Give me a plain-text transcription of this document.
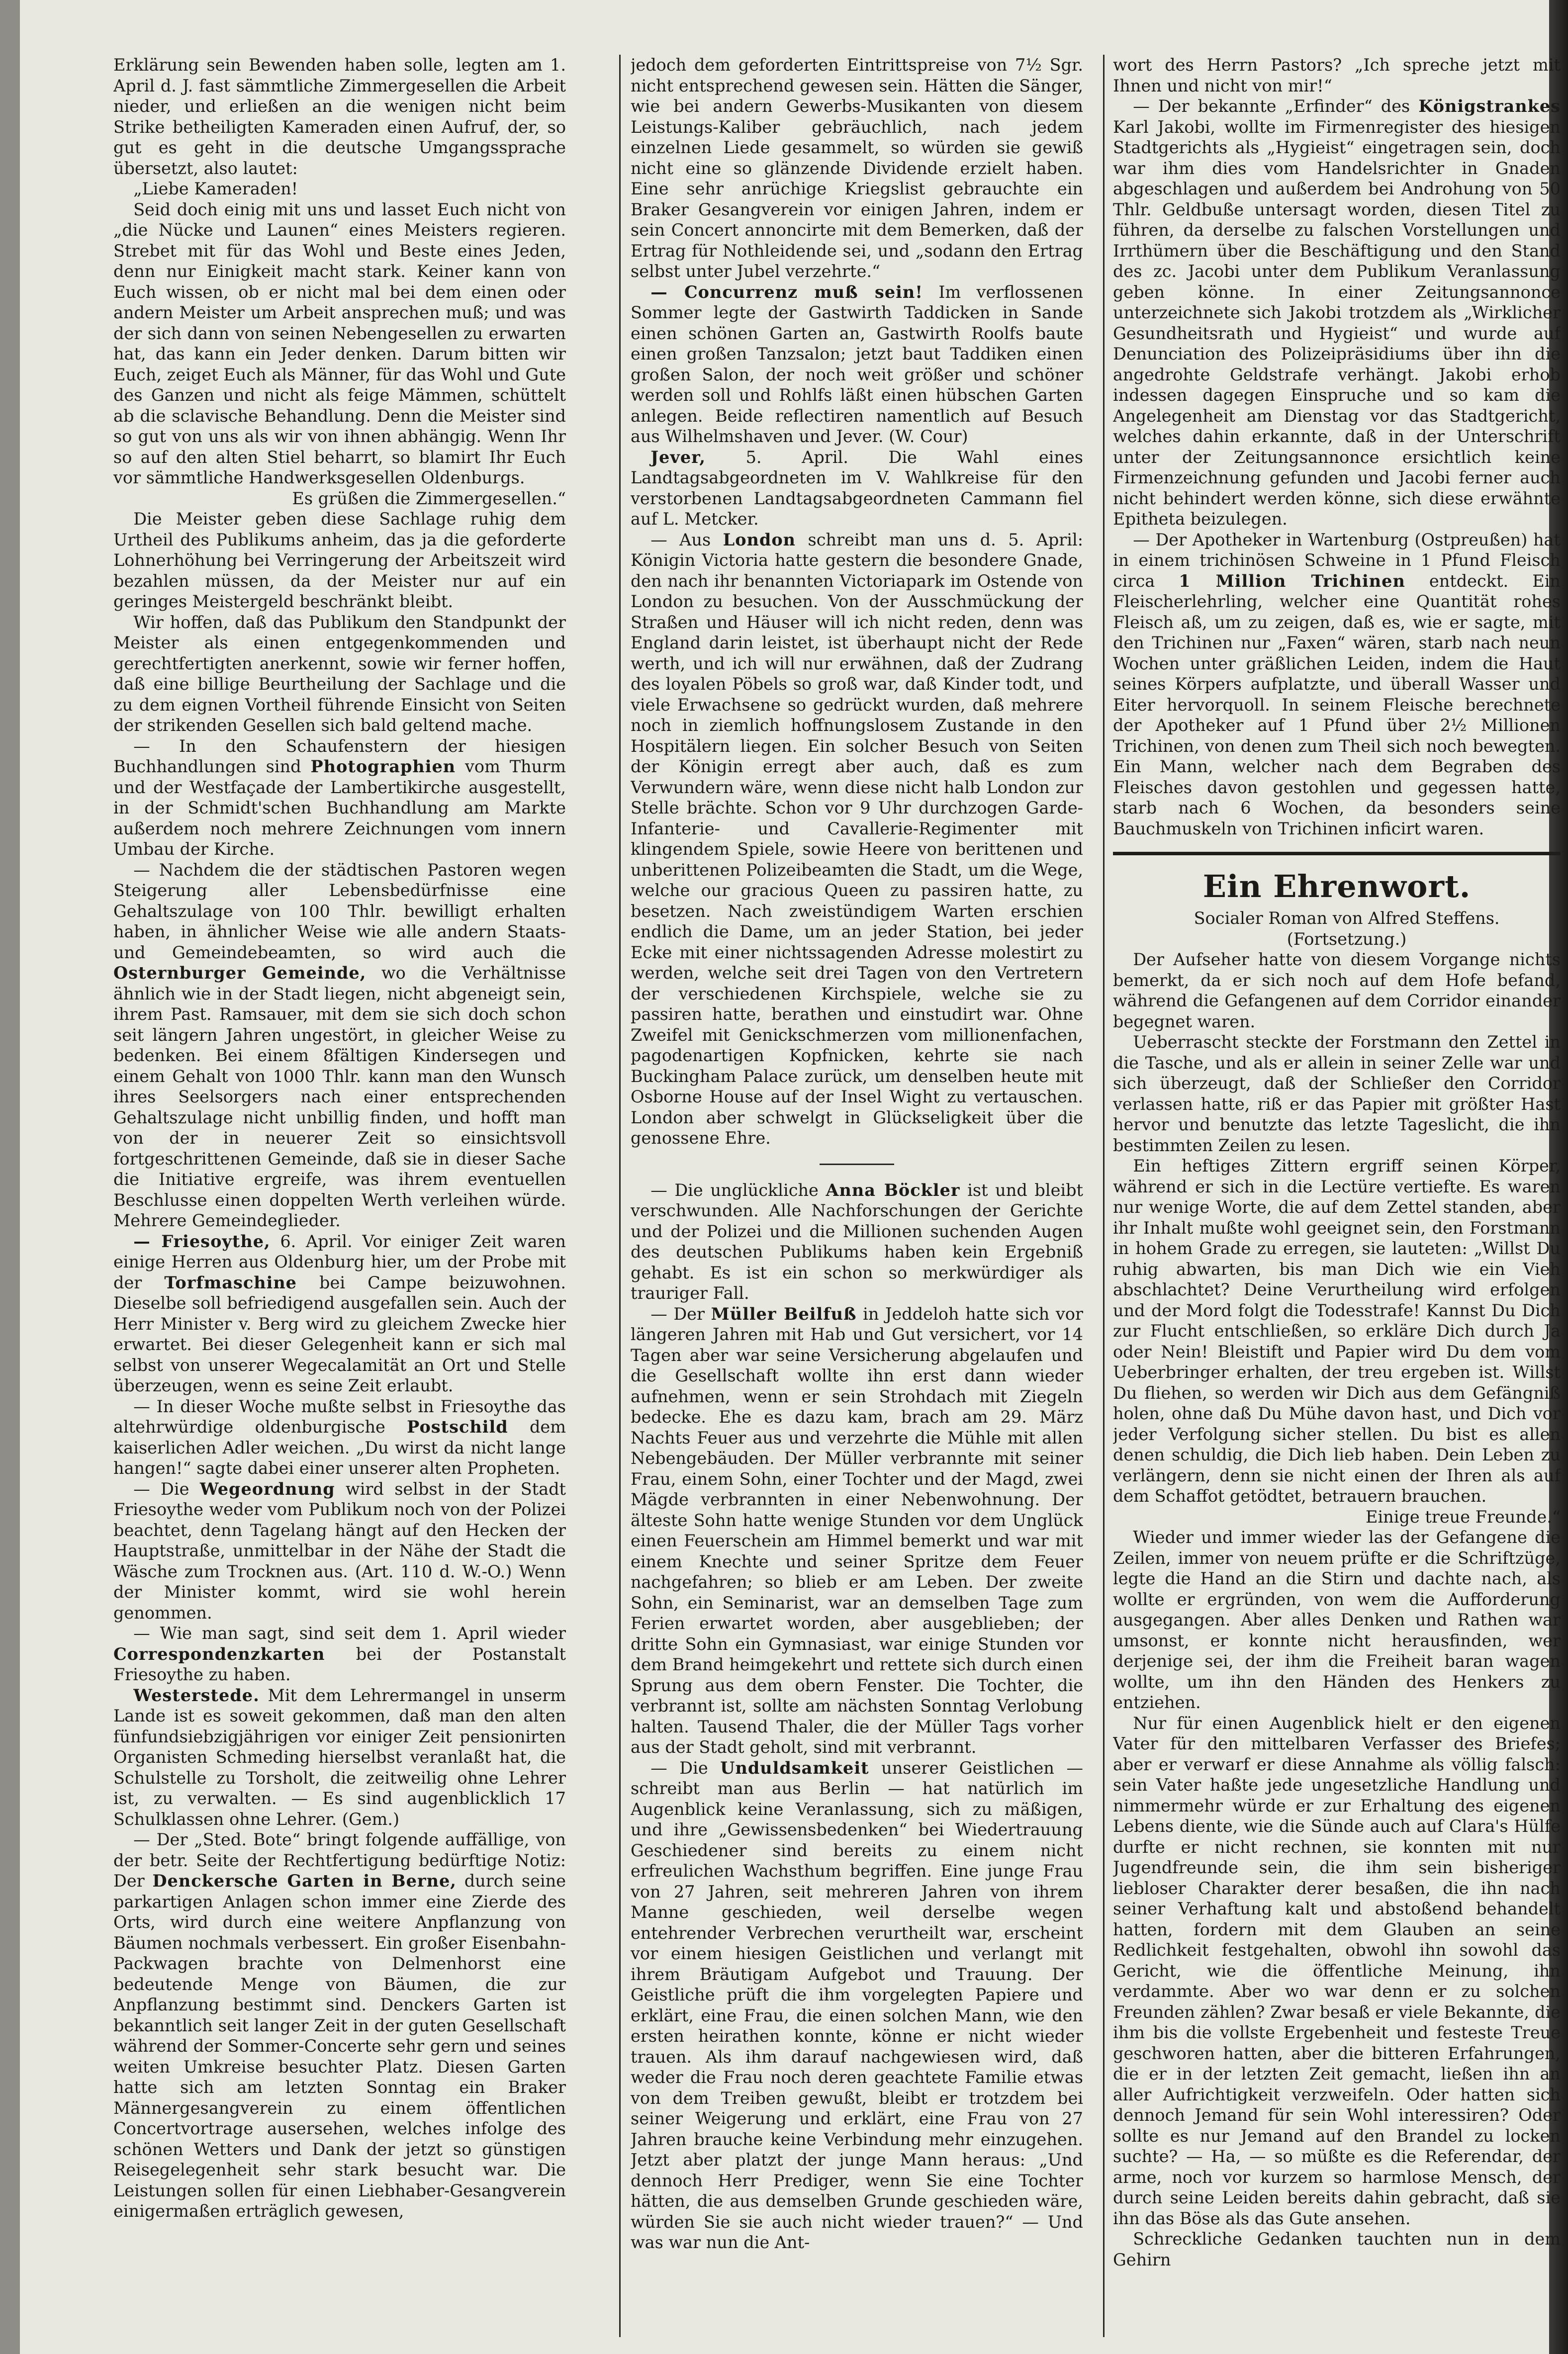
Erklärung sein Bewenden haben solle, legten am 1. April d. J. fast sämmtliche Zimmergesellen die Arbeit nieder, und erließen an die wenigen nicht beim Strike betheiligten Kameraden einen Aufruf, der, so gut es geht in die deutsche Umgangssprache übersetzt, also lautet:

„Liebe Kameraden!

Seid doch einig mit uns und lasset Euch nicht von „die Nücke und Launen“ eines Meisters regieren. Strebet mit für das Wohl und Beste eines Jeden, denn nur Einigkeit macht stark. Keiner kann von Euch wissen, ob er nicht mal bei dem einen oder andern Meister um Arbeit ansprechen muß; und was der sich dann von seinen Nebengesellen zu erwarten hat, das kann ein Jeder denken. Darum bitten wir Euch, zeiget Euch als Männer, für das Wohl und Gute des Ganzen und nicht als feige Mämmen, schüttelt ab die sclavische Behandlung. Denn die Meister sind so gut von uns als wir von ihnen abhängig. Wenn Ihr so auf den alten Stiel beharrt, so blamirt Ihr Euch vor sämmtliche Handwerksgesellen Oldenburgs.

Es grüßen die Zimmergesellen.“

Die Meister geben diese Sachlage ruhig dem Urtheil des Publikums anheim, das ja die geforderte Lohnerhöhung bei Verringerung der Arbeitszeit wird bezahlen müssen, da der Meister nur auf ein geringes Meistergeld beschränkt bleibt.

Wir hoffen, daß das Publikum den Standpunkt der Meister als einen entgegenkommenden und gerechtfertigten anerkennt, sowie wir ferner hoffen, daß eine billige Beurtheilung der Sachlage und die zu dem eignen Vortheil führende Einsicht von Seiten der strikenden Gesellen sich bald geltend mache.

— In den Schaufenstern der hiesigen Buchhandlungen sind Photographien vom Thurm und der Westfaçade der Lambertikirche ausgestellt, in der Schmidt'schen Buchhandlung am Markte außerdem noch mehrere Zeichnungen vom innern Umbau der Kirche.

— Nachdem die der städtischen Pastoren wegen Steigerung aller Lebensbedürfnisse eine Gehaltszulage von 100 Thlr. bewilligt erhalten haben, in ähnlicher Weise wie alle andern Staats- und Gemeindebeamten, so wird auch die Osternburger Gemeinde, wo die Verhältnisse ähnlich wie in der Stadt liegen, nicht abgeneigt sein, ihrem Past. Ramsauer, mit dem sie sich doch schon seit längern Jahren ungestört, in gleicher Weise zu bedenken. Bei einem 8fältigen Kindersegen und einem Gehalt von 1000 Thlr. kann man den Wunsch ihres Seelsorgers nach einer entsprechenden Gehaltszulage nicht unbillig finden, und hofft man von der in neuerer Zeit so einsichtsvoll fortgeschrittenen Gemeinde, daß sie in dieser Sache die Initiative ergreife, was ihrem eventuellen Beschlusse einen doppelten Werth verleihen würde. Mehrere Gemeindeglieder.

— Friesoythe, 6. April. Vor einiger Zeit waren einige Herren aus Oldenburg hier, um der Probe mit der Torfmaschine bei Campe beizuwohnen. Dieselbe soll befriedigend ausgefallen sein. Auch der Herr Minister v. Berg wird zu gleichem Zwecke hier erwartet. Bei dieser Gelegenheit kann er sich mal selbst von unserer Wegecalamität an Ort und Stelle überzeugen, wenn es seine Zeit erlaubt.

— In dieser Woche mußte selbst in Friesoythe das altehrwürdige oldenburgische Postschild dem kaiserlichen Adler weichen. „Du wirst da nicht lange hangen!“ sagte dabei einer unserer alten Propheten.

— Die Wegeordnung wird selbst in der Stadt Friesoythe weder vom Publikum noch von der Polizei beachtet, denn Tagelang hängt auf den Hecken der Hauptstraße, unmittelbar in der Nähe der Stadt die Wäsche zum Trocknen aus. (Art. 110 d. W.-O.) Wenn der Minister kommt, wird sie wohl herein genommen.

— Wie man sagt, sind seit dem 1. April wieder Correspondenzkarten bei der Postanstalt Friesoythe zu haben.

Westerstede. Mit dem Lehrermangel in unserm Lande ist es soweit gekommen, daß man den alten fünfundsiebzigjährigen vor einiger Zeit pensionirten Organisten Schmeding hierselbst veranlaßt hat, die Schulstelle zu Torsholt, die zeitweilig ohne Lehrer ist, zu verwalten. — Es sind augenblicklich 17 Schulklassen ohne Lehrer. (Gem.)

— Der „Sted. Bote“ bringt folgende auffällige, von der betr. Seite der Rechtfertigung bedürftige Notiz: Der Denckersche Garten in Berne, durch seine parkartigen Anlagen schon immer eine Zierde des Orts, wird durch eine weitere Anpflanzung von Bäumen nochmals verbessert. Ein großer Eisenbahn-Packwagen brachte von Delmenhorst eine bedeutende Menge von Bäumen, die zur Anpflanzung bestimmt sind. Denckers Garten ist bekanntlich seit langer Zeit in der guten Gesellschaft während der Sommer-Concerte sehr gern und seines weiten Umkreise besuchter Platz. Diesen Garten hatte sich am letzten Sonntag ein Braker Männergesangverein zu einem öffentlichen Concertvortrage ausersehen, welches infolge des schönen Wetters und Dank der jetzt so günstigen Reisegelegenheit sehr stark besucht war. Die Leistungen sollen für einen Liebhaber-Gesangverein einigermaßen erträglich gewesen,

jedoch dem geforderten Eintrittspreise von 7½ Sgr. nicht entsprechend gewesen sein. Hätten die Sänger, wie bei andern Gewerbs-Musikanten von diesem Leistungs-Kaliber gebräuchlich, nach jedem einzelnen Liede gesammelt, so würden sie gewiß nicht eine so glänzende Dividende erzielt haben. Eine sehr anrüchige Kriegslist gebrauchte ein Braker Gesangverein vor einigen Jahren, indem er sein Concert annoncirte mit dem Bemerken, daß der Ertrag für Nothleidende sei, und „sodann den Ertrag selbst unter Jubel verzehrte.“

— Concurrenz muß sein! Im verflossenen Sommer legte der Gastwirth Taddicken in Sande einen schönen Garten an, Gastwirth Roolfs baute einen großen Tanzsalon; jetzt baut Taddiken einen großen Salon, der noch weit größer und schöner werden soll und Rohlfs läßt einen hübschen Garten anlegen. Beide reflectiren namentlich auf Besuch aus Wilhelmshaven und Jever. (W. Cour)

Jever, 5. April. Die Wahl eines Landtagsabgeordneten im V. Wahlkreise für den verstorbenen Landtagsabgeordneten Cammann fiel auf L. Metcker.

— Aus London schreibt man uns d. 5. April: Königin Victoria hatte gestern die besondere Gnade, den nach ihr benannten Victoriapark im Ostende von London zu besuchen. Von der Ausschmückung der Straßen und Häuser will ich nicht reden, denn was England darin leistet, ist überhaupt nicht der Rede werth, und ich will nur erwähnen, daß der Zudrang des loyalen Pöbels so groß war, daß Kinder todt, und viele Erwachsene so gedrückt wurden, daß mehrere noch in ziemlich hoffnungslosem Zustande in den Hospitälern liegen. Ein solcher Besuch von Seiten der Königin erregt aber auch, daß es zum Verwundern wäre, wenn diese nicht halb London zur Stelle brächte. Schon vor 9 Uhr durchzogen Garde-Infanterie- und Cavallerie-Regimenter mit klingendem Spiele, sowie Heere von berittenen und unberittenen Polizeibeamten die Stadt, um die Wege, welche our gracious Queen zu passiren hatte, zu besetzen. Nach zweistündigem Warten erschien endlich die Dame, um an jeder Station, bei jeder Ecke mit einer nichtssagenden Adresse molestirt zu werden, welche seit drei Tagen von den Vertretern der verschiedenen Kirchspiele, welche sie zu passiren hatte, berathen und einstudirt war. Ohne Zweifel mit Genickschmerzen vom millionenfachen, pagodenartigen Kopfnicken, kehrte sie nach Buckingham Palace zurück, um denselben heute mit Osborne House auf der Insel Wight zu vertauschen. London aber schwelgt in Glückseligkeit über die genossene Ehre.

— Die unglückliche Anna Böckler ist und bleibt verschwunden. Alle Nachforschungen der Gerichte und der Polizei und die Millionen suchenden Augen des deutschen Publikums haben kein Ergebniß gehabt. Es ist ein schon so merkwürdiger als trauriger Fall.

— Der Müller Beilfuß in Jeddeloh hatte sich vor längeren Jahren mit Hab und Gut versichert, vor 14 Tagen aber war seine Versicherung abgelaufen und die Gesellschaft wollte ihn erst dann wieder aufnehmen, wenn er sein Strohdach mit Ziegeln bedecke. Ehe es dazu kam, brach am 29. März Nachts Feuer aus und verzehrte die Mühle mit allen Nebengebäuden. Der Müller verbrannte mit seiner Frau, einem Sohn, einer Tochter und der Magd, zwei Mägde verbrannten in einer Nebenwohnung. Der älteste Sohn hatte wenige Stunden vor dem Unglück einen Feuerschein am Himmel bemerkt und war mit einem Knechte und seiner Spritze dem Feuer nachgefahren; so blieb er am Leben. Der zweite Sohn, ein Seminarist, war an demselben Tage zum Ferien erwartet worden, aber ausgeblieben; der dritte Sohn ein Gymnasiast, war einige Stunden vor dem Brand heimgekehrt und rettete sich durch einen Sprung aus dem obern Fenster. Die Tochter, die verbrannt ist, sollte am nächsten Sonntag Verlobung halten. Tausend Thaler, die der Müller Tags vorher aus der Stadt geholt, sind mit verbrannt.

— Die Unduldsamkeit unserer Geistlichen — schreibt man aus Berlin — hat natürlich im Augenblick keine Veranlassung, sich zu mäßigen, und ihre „Gewissensbedenken“ bei Wiedertrauung Geschiedener sind bereits zu einem nicht erfreulichen Wachsthum begriffen. Eine junge Frau von 27 Jahren, seit mehreren Jahren von ihrem Manne geschieden, weil derselbe wegen entehrender Verbrechen verurtheilt war, erscheint vor einem hiesigen Geistlichen und verlangt mit ihrem Bräutigam Aufgebot und Trauung. Der Geistliche prüft die ihm vorgelegten Papiere und erklärt, eine Frau, die einen solchen Mann, wie den ersten heirathen konnte, könne er nicht wieder trauen. Als ihm darauf nachgewiesen wird, daß weder die Frau noch deren geachtete Familie etwas von dem Treiben gewußt, bleibt er trotzdem bei seiner Weigerung und erklärt, eine Frau von 27 Jahren brauche keine Verbindung mehr einzugehen. Jetzt aber platzt der junge Mann heraus: „Und dennoch Herr Prediger, wenn Sie eine Tochter hätten, die aus demselben Grunde geschieden wäre, würden Sie sie auch nicht wieder trauen?“ — Und was war nun die Ant-

wort des Herrn Pastors? „Ich spreche jetzt mit Ihnen und nicht von mir!“

— Der bekannte „Erfinder“ des Königstrankes Karl Jakobi, wollte im Firmenregister des hiesigen Stadtgerichts als „Hygieist“ eingetragen sein, doch war ihm dies vom Handelsrichter in Gnaden abgeschlagen und außerdem bei Androhung von 50 Thlr. Geldbuße untersagt worden, diesen Titel zu führen, da derselbe zu falschen Vorstellungen und Irrthümern über die Beschäftigung und den Stand des zc. Jacobi unter dem Publikum Veranlassung geben könne. In einer Zeitungsannonce unterzeichnete sich Jakobi trotzdem als „Wirklicher Gesundheitsrath und Hygieist“ und wurde auf Denunciation des Polizeipräsidiums über ihn die angedrohte Geldstrafe verhängt. Jakobi erhob indessen dagegen Einspruche und so kam die Angelegenheit am Dienstag vor das Stadtgericht, welches dahin erkannte, daß in der Unterschrift unter der Zeitungsannonce ersichtlich keine Firmenzeichnung gefunden und Jacobi ferner auch nicht behindert werden könne, sich diese erwähnte Epitheta beizulegen.

— Der Apotheker in Wartenburg (Ostpreußen) hat in einem trichinösen Schweine in 1 Pfund Fleisch circa 1 Million Trichinen entdeckt. Ein Fleischerlehrling, welcher eine Quantität rohes Fleisch aß, um zu zeigen, daß es, wie er sagte, mit den Trichinen nur „Faxen“ wären, starb nach neun Wochen unter gräßlichen Leiden, indem die Haut seines Körpers aufplatzte, und überall Wasser und Eiter hervorquoll. In seinem Fleische berechnete der Apotheker auf 1 Pfund über 2½ Millionen Trichinen, von denen zum Theil sich noch bewegten. Ein Mann, welcher nach dem Begraben des Fleisches davon gestohlen und gegessen hatte, starb nach 6 Wochen, da besonders seine Bauchmuskeln von Trichinen inficirt waren.

Ein Ehrenwort.

Socialer Roman von Alfred Steffens.

(Fortsetzung.)

Der Aufseher hatte von diesem Vorgange nichts bemerkt, da er sich noch auf dem Hofe befand, während die Gefangenen auf dem Corridor einander begegnet waren.

Ueberrascht steckte der Forstmann den Zettel in die Tasche, und als er allein in seiner Zelle war und sich überzeugt, daß der Schließer den Corridor verlassen hatte, riß er das Papier mit größter Hast hervor und benutzte das letzte Tageslicht, die ihn bestimmten Zeilen zu lesen.

Ein heftiges Zittern ergriff seinen Körper, während er sich in die Lectüre vertiefte. Es waren nur wenige Worte, die auf dem Zettel standen, aber ihr Inhalt mußte wohl geeignet sein, den Forstmann in hohem Grade zu erregen, sie lauteten: „Willst Du ruhig abwarten, bis man Dich wie ein Vieh abschlachtet? Deine Verurtheilung wird erfolgen und der Mord folgt die Todesstrafe! Kannst Du Dich zur Flucht entschließen, so erkläre Dich durch Ja oder Nein! Bleistift und Papier wird Du dem vom Ueberbringer erhalten, der treu ergeben ist. Willst Du fliehen, so werden wir Dich aus dem Gefängniß holen, ohne daß Du Mühe davon hast, und Dich vor jeder Verfolgung sicher stellen. Du bist es allen denen schuldig, die Dich lieb haben. Dein Leben zu verlängern, denn sie nicht einen der Ihren als auf dem Schaffot getödtet, betrauern brauchen.

Einige treue Freunde.“

Wieder und immer wieder las der Gefangene die Zeilen, immer von neuem prüfte er die Schriftzüge, legte die Hand an die Stirn und dachte nach, als wollte er ergründen, von wem die Aufforderung ausgegangen. Aber alles Denken und Rathen war umsonst, er konnte nicht herausfinden, wer derjenige sei, der ihm die Freiheit baran wagen wollte, um ihn den Händen des Henkers zu entziehen.

Nur für einen Augenblick hielt er den eigenen Vater für den mittelbaren Verfasser des Briefes; aber er verwarf er diese Annahme als völlig falsch: sein Vater haßte jede ungesetzliche Handlung und nimmermehr würde er zur Erhaltung des eigenen Lebens diente, wie die Sünde auch auf Clara's Hülfe durfte er nicht rechnen, sie konnten mit nur Jugendfreunde sein, die ihm sein bisheriger liebloser Charakter derer besaßen, die ihn nach seiner Verhaftung kalt und abstoßend behandelt hatten, fordern mit dem Glauben an seine Redlichkeit festgehalten, obwohl ihn sowohl das Gericht, wie die öffentliche Meinung, ihn verdammte. Aber wo war denn er zu solchen Freunden zählen? Zwar besaß er viele Bekannte, die ihm bis die vollste Ergebenheit und festeste Treue geschworen hatten, aber die bitteren Erfahrungen, die er in der letzten Zeit gemacht, ließen ihn an aller Aufrichtigkeit verzweifeln. Oder hatten sich dennoch Jemand für sein Wohl interessiren? Oder sollte es nur Jemand auf den Brandel zu locken suchte? — Ha, — so müßte es die Referendar, der arme, noch vor kurzem so harmlose Mensch, der durch seine Leiden bereits dahin gebracht, daß sie ihn das Böse als das Gute ansehen.

Schreckliche Gedanken tauchten nun in dem Gehirn
